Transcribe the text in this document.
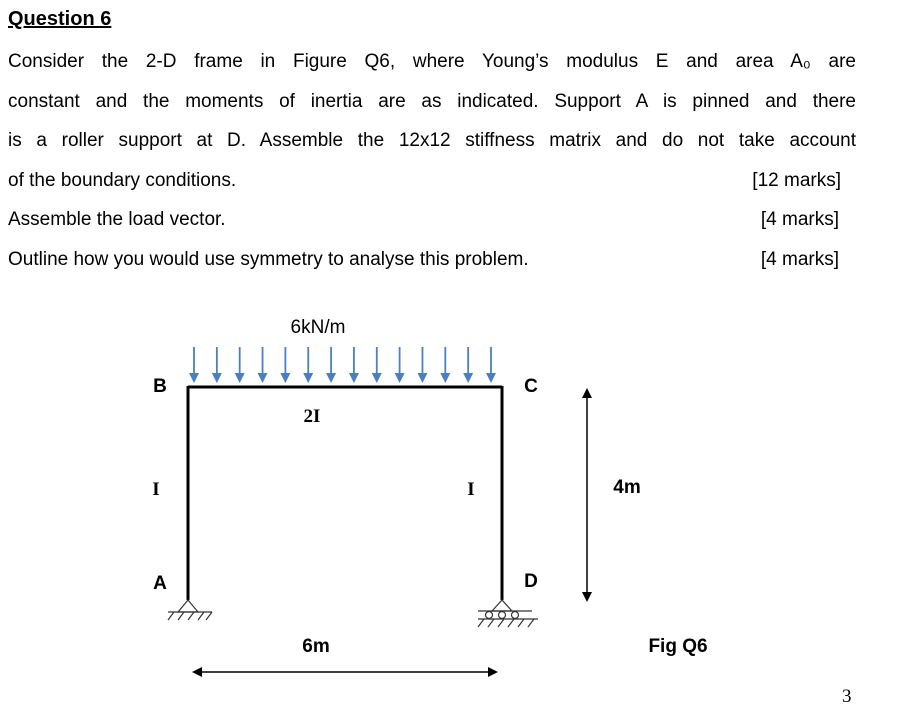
Question 6
Consider the 2-D frame in Figure Q6, where Young’s modulus E and area A₀ are
constant and the moments of inertia are as indicated. Support A is pinned and there
is a roller support at D. Assemble the 12x12 stiffness matrix and do not take account
of the boundary conditions.	[12 marks]
Assemble the load vector.	[4 marks]
Outline how you would use symmetry to analyse this problem.	[4 marks]
6kN/m
B	C
A	D
2I
I	I	4m
6m	Fig Q6
3
